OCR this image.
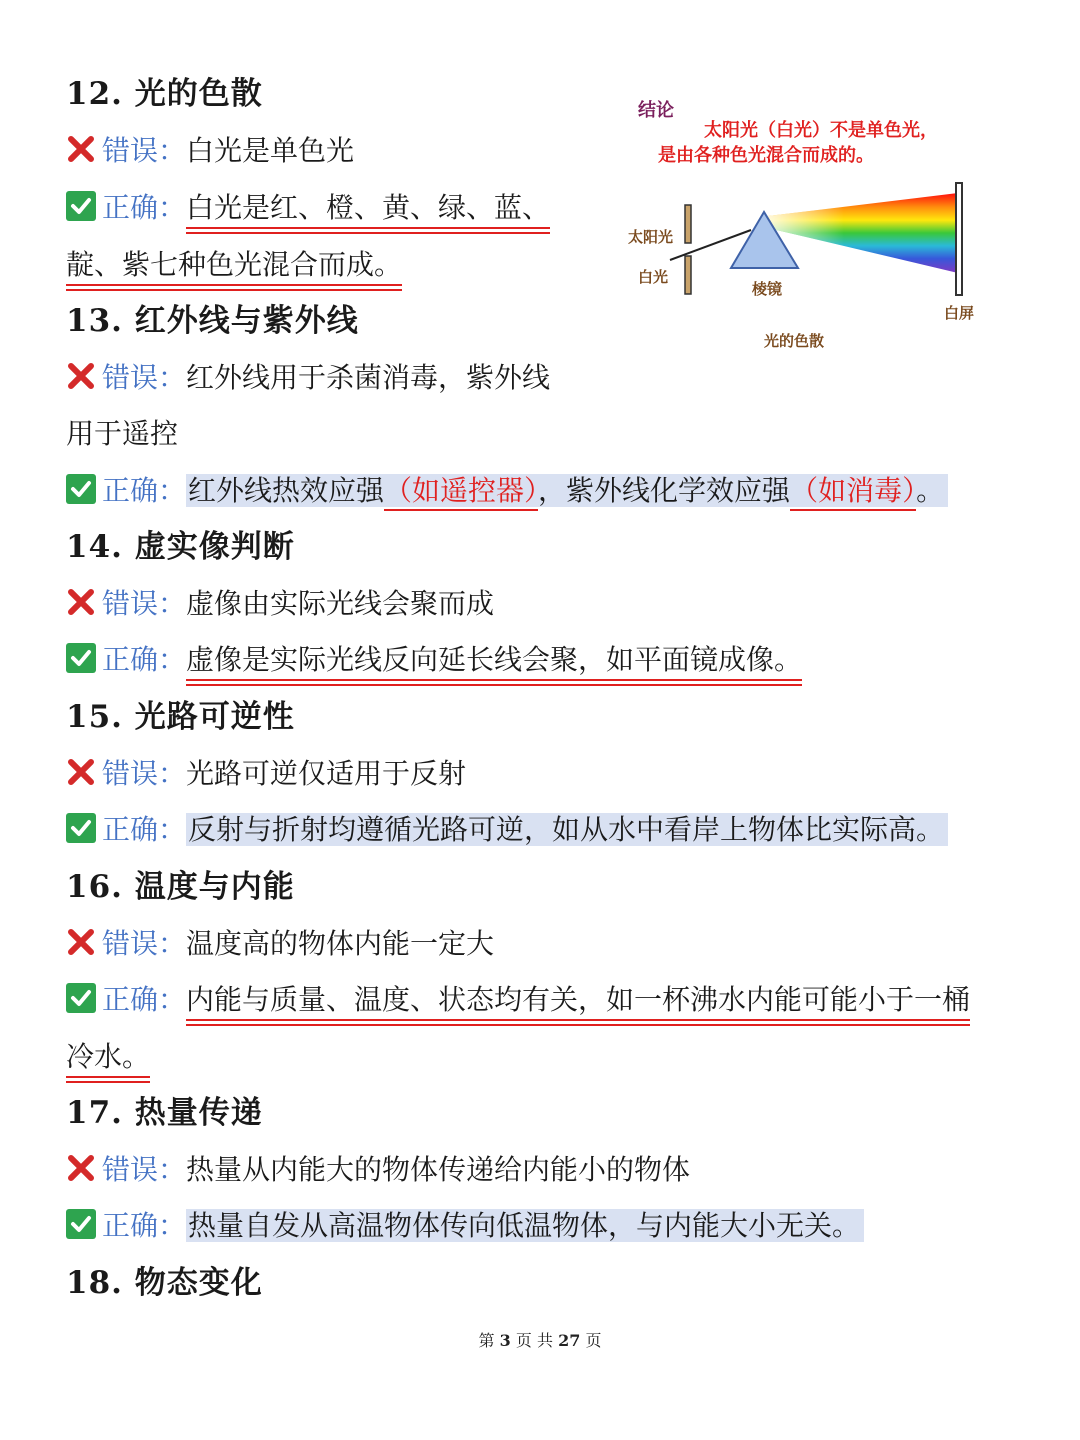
12. 光的色散
错误：白光是单色光
正确：白光是红、橙、黄、绿、蓝、
靛、紫七种色光混合而成。
13. 红外线与紫外线
错误：红外线用于杀菌消毒，紫外线
用于遥控
正确：红外线热效应强（如遥控器），紫外线化学效应强（如消毒）。
14. 虚实像判断
错误：虚像由实际光线会聚而成
正确：虚像是实际光线反向延长线会聚，如平面镜成像。
15. 光路可逆性
错误：光路可逆仅适用于反射
正确：反射与折射均遵循光路可逆，如从水中看岸上物体比实际高。
16. 温度与内能
错误：温度高的物体内能一定大
正确：内能与质量、温度、状态均有关，如一杯沸水内能可能小于一桶
冷水。
17. 热量传递
错误：热量从内能大的物体传递给内能小的物体
正确：热量自发从高温物体传向低温物体，与内能大小无关。
18. 物态变化
结论
太阳光（白光）不是单色光，
是由各种色光混合而成的。
太阳光
白光
棱镜
白屏
光的色散
第 3 页 共 27 页
